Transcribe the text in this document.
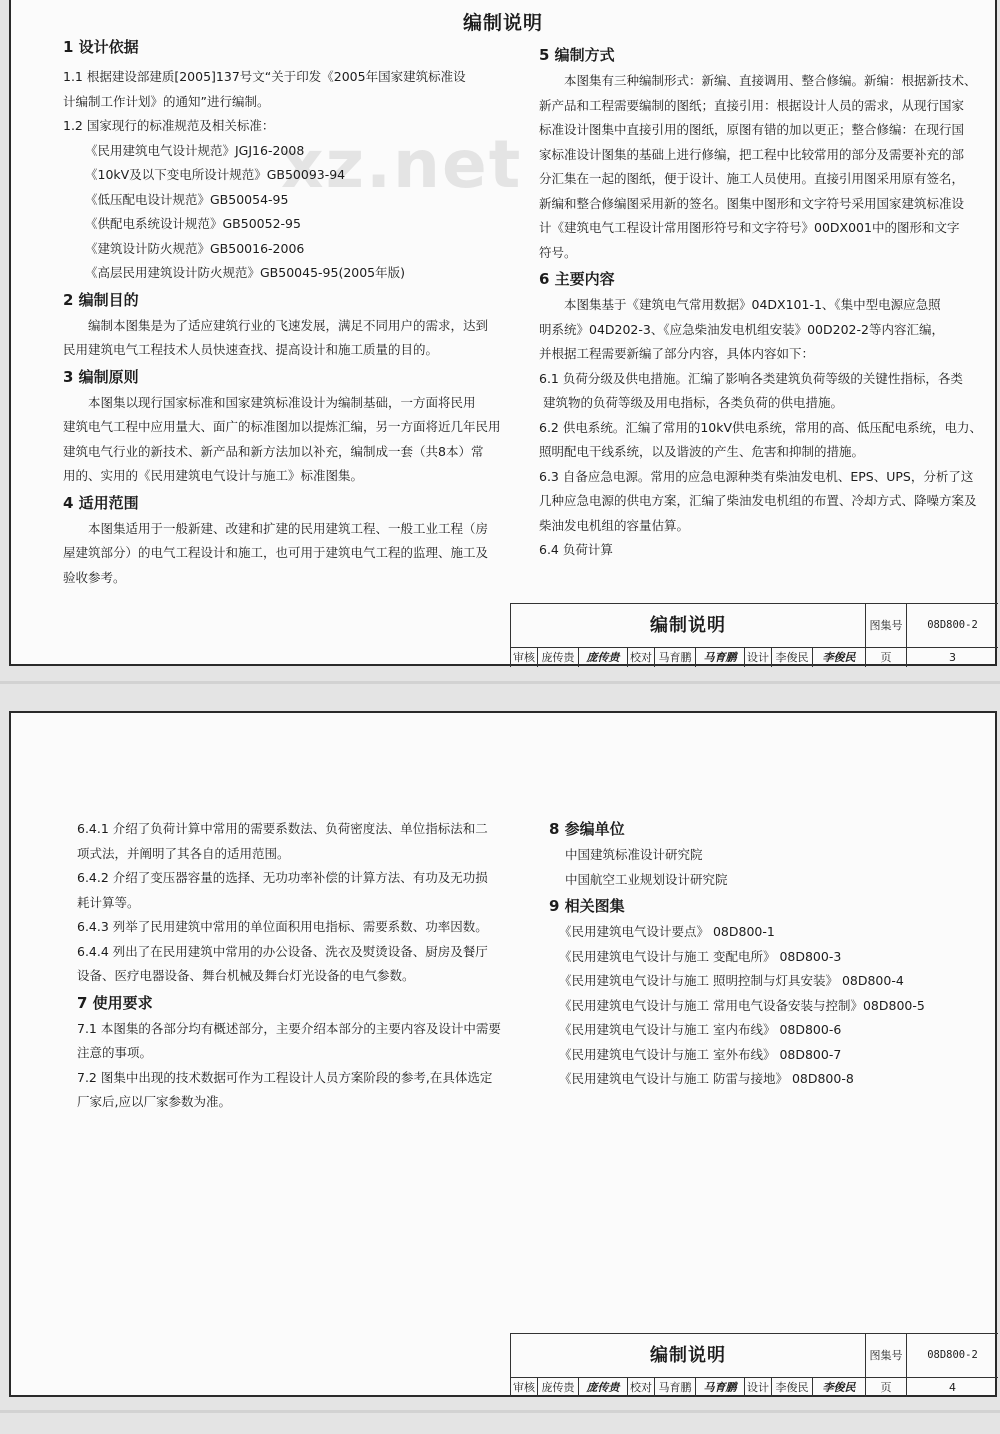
编制说明
xz.net
1 设计依据

1.1 根据建设部建质[2005]137号文“关于印发《2005年国家建筑标准设

计编制工作计划》的通知”进行编制。

1.2 国家现行的标准规范及相关标准：

《民用建筑电气设计规范》JGJ16-2008

《10kV及以下变电所设计规范》GB50093-94

《低压配电设计规范》GB50054-95

《供配电系统设计规范》GB50052-95

《建筑设计防火规范》GB50016-2006

《高层民用建筑设计防火规范》GB50045-95(2005年版)

2 编制目的

编制本图集是为了适应建筑行业的飞速发展，满足不同用户的需求，达到

民用建筑电气工程技术人员快速查找、提高设计和施工质量的目的。

3 编制原则

本图集以现行国家标准和国家建筑标准设计为编制基础，一方面将民用

建筑电气工程中应用量大、面广的标准图加以提炼汇编，另一方面将近几年民用

建筑电气行业的新技术、新产品和新方法加以补充，编制成一套（共8本）常

用的、实用的《民用建筑电气设计与施工》标准图集。

4 适用范围

本图集适用于一般新建、改建和扩建的民用建筑工程、一般工业工程（房

屋建筑部分）的电气工程设计和施工，也可用于建筑电气工程的监理、施工及

验收参考。

5 编制方式

本图集有三种编制形式：新编、直接调用、整合修编。新编：根据新技术、

新产品和工程需要编制的图纸；直接引用：根据设计人员的需求，从现行国家

标准设计图集中直接引用的图纸，原图有错的加以更正；整合修编：在现行国

家标准设计图集的基础上进行修编，把工程中比较常用的部分及需要补充的部

分汇集在一起的图纸，便于设计、施工人员使用。直接引用图采用原有签名，

新编和整合修编图采用新的签名。图集中图形和文字符号采用国家建筑标准设

计《建筑电气工程设计常用图形符号和文字符号》00DX001中的图形和文字

符号。

6 主要内容

本图集基于《建筑电气常用数据》04DX101-1、《集中型电源应急照

明系统》04D202-3、《应急柴油发电机组安装》00D202-2等内容汇编，

并根据工程需要新编了部分内容，具体内容如下：

6.1 负荷分级及供电措施。汇编了影响各类建筑负荷等级的关键性指标，各类

建筑物的负荷等级及用电指标，各类负荷的供电措施。

6.2 供电系统。汇编了常用的10kV供电系统，常用的高、低压配电系统，电力、

照明配电干线系统，以及谐波的产生、危害和抑制的措施。

6.3 自备应急电源。常用的应急电源种类有柴油发电机、EPS、UPS，分析了这

几种应急电源的供电方案，汇编了柴油发电机组的布置、冷却方式、降噪方案及

柴油发电机组的容量估算。

6.4 负荷计算

编制说明	图集号	08D800-2
审核 庞传贵	庞传贵 校对 马育鹏	马育鹏 设计 李俊民	李俊民	页	3

6.4.1 介绍了负荷计算中常用的需要系数法、负荷密度法、单位指标法和二

项式法，并阐明了其各自的适用范围。

6.4.2 介绍了变压器容量的选择、无功功率补偿的计算方法、有功及无功损

耗计算等。

6.4.3 列举了民用建筑中常用的单位面积用电指标、需要系数、功率因数。

6.4.4 列出了在民用建筑中常用的办公设备、洗衣及熨烫设备、厨房及餐厅

设备、医疗电器设备、舞台机械及舞台灯光设备的电气参数。

7 使用要求

7.1 本图集的各部分均有概述部分，主要介绍本部分的主要内容及设计中需要

注意的事项。

7.2 图集中出现的技术数据可作为工程设计人员方案阶段的参考,在具体选定

厂家后,应以厂家参数为准。

8 参编单位

中国建筑标准设计研究院

中国航空工业规划设计研究院

9 相关图集

《民用建筑电气设计要点》 08D800-1

《民用建筑电气设计与施工 变配电所》 08D800-3

《民用建筑电气设计与施工 照明控制与灯具安装》 08D800-4

《民用建筑电气设计与施工 常用电气设备安装与控制》08D800-5

《民用建筑电气设计与施工 室内布线》 08D800-6

《民用建筑电气设计与施工 室外布线》 08D800-7

《民用建筑电气设计与施工 防雷与接地》 08D800-8

编制说明	图集号	08D800-2
审核 庞传贵	庞传贵 校对 马育鹏	马育鹏 设计 李俊民	李俊民	页	4
